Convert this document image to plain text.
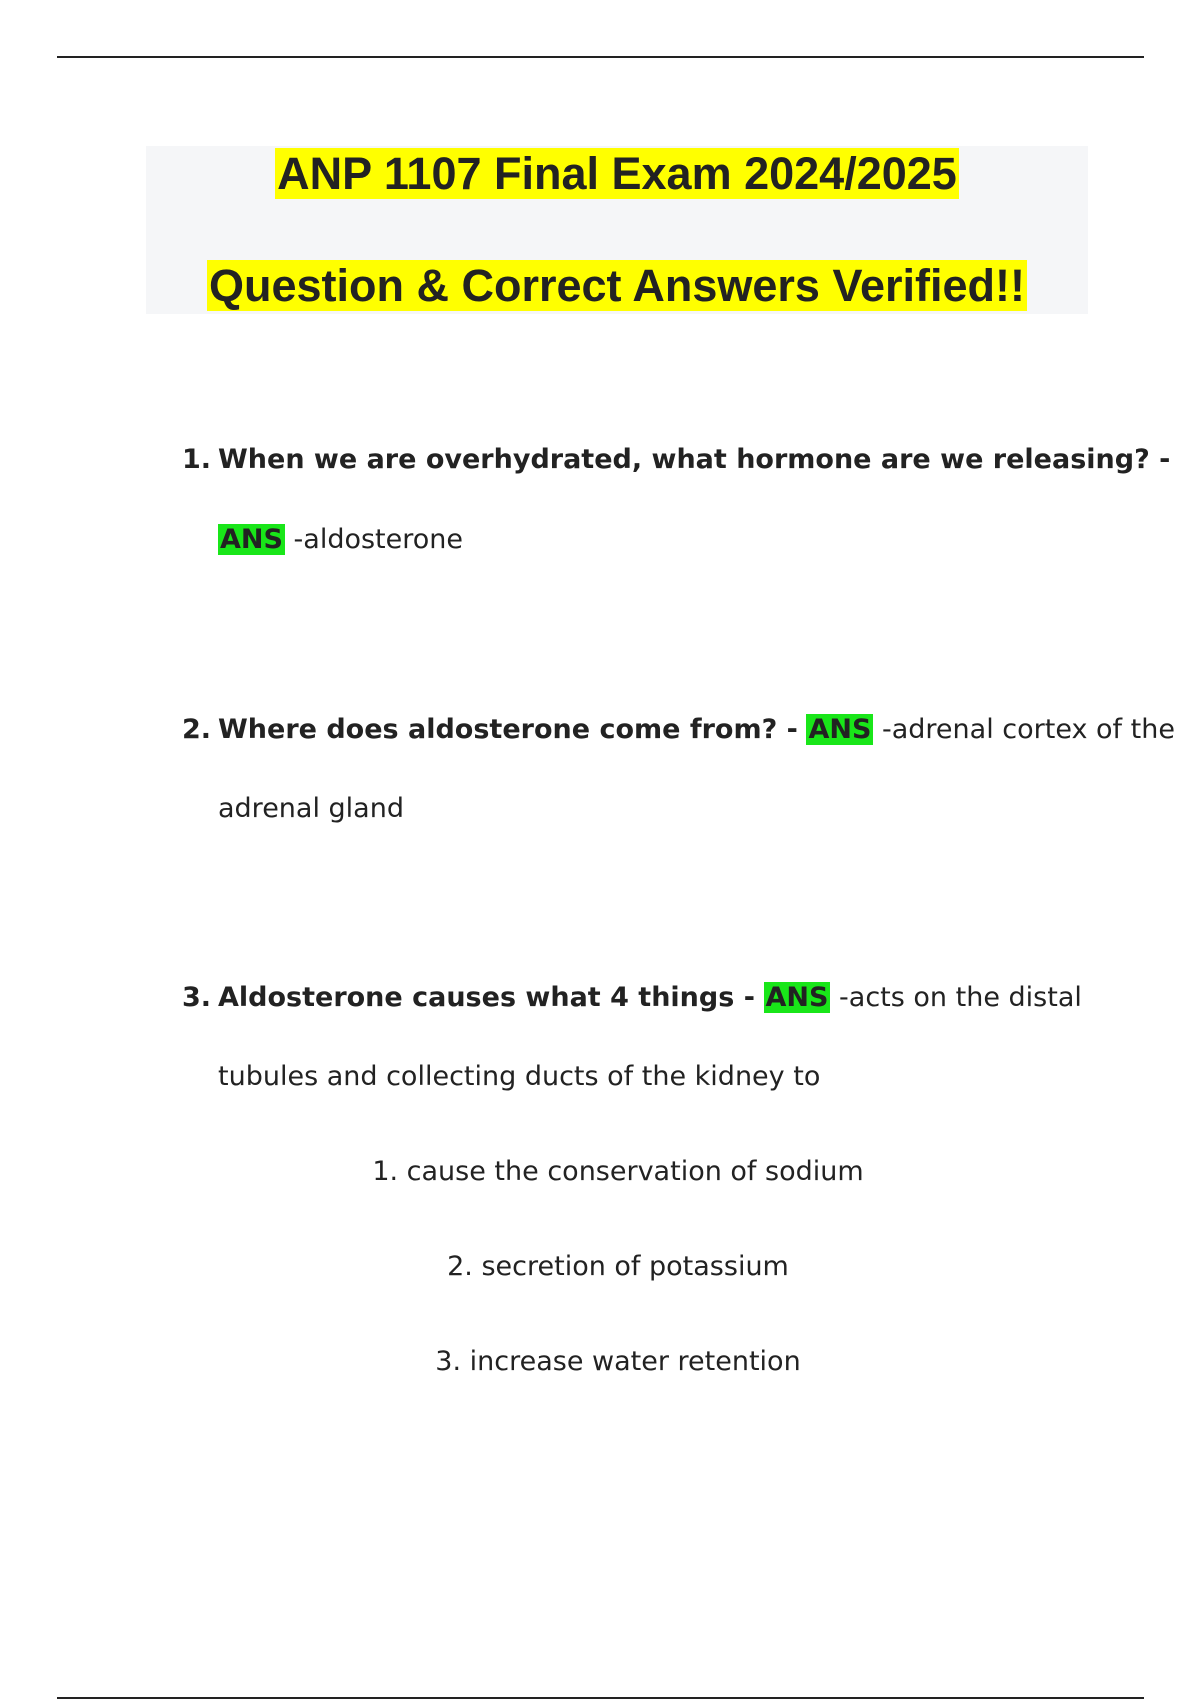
ANP 1107 Final Exam 2024/2025
Question & Correct Answers Verified!!
1. When we are overhydrated, what hormone are we releasing? -
ANS -aldosterone
2. Where does aldosterone come from? - ANS -adrenal cortex of the
adrenal gland
3. Aldosterone causes what 4 things - ANS -acts on the distal
tubules and collecting ducts of the kidney to
1. cause the conservation of sodium
2. secretion of potassium
3. increase water retention
